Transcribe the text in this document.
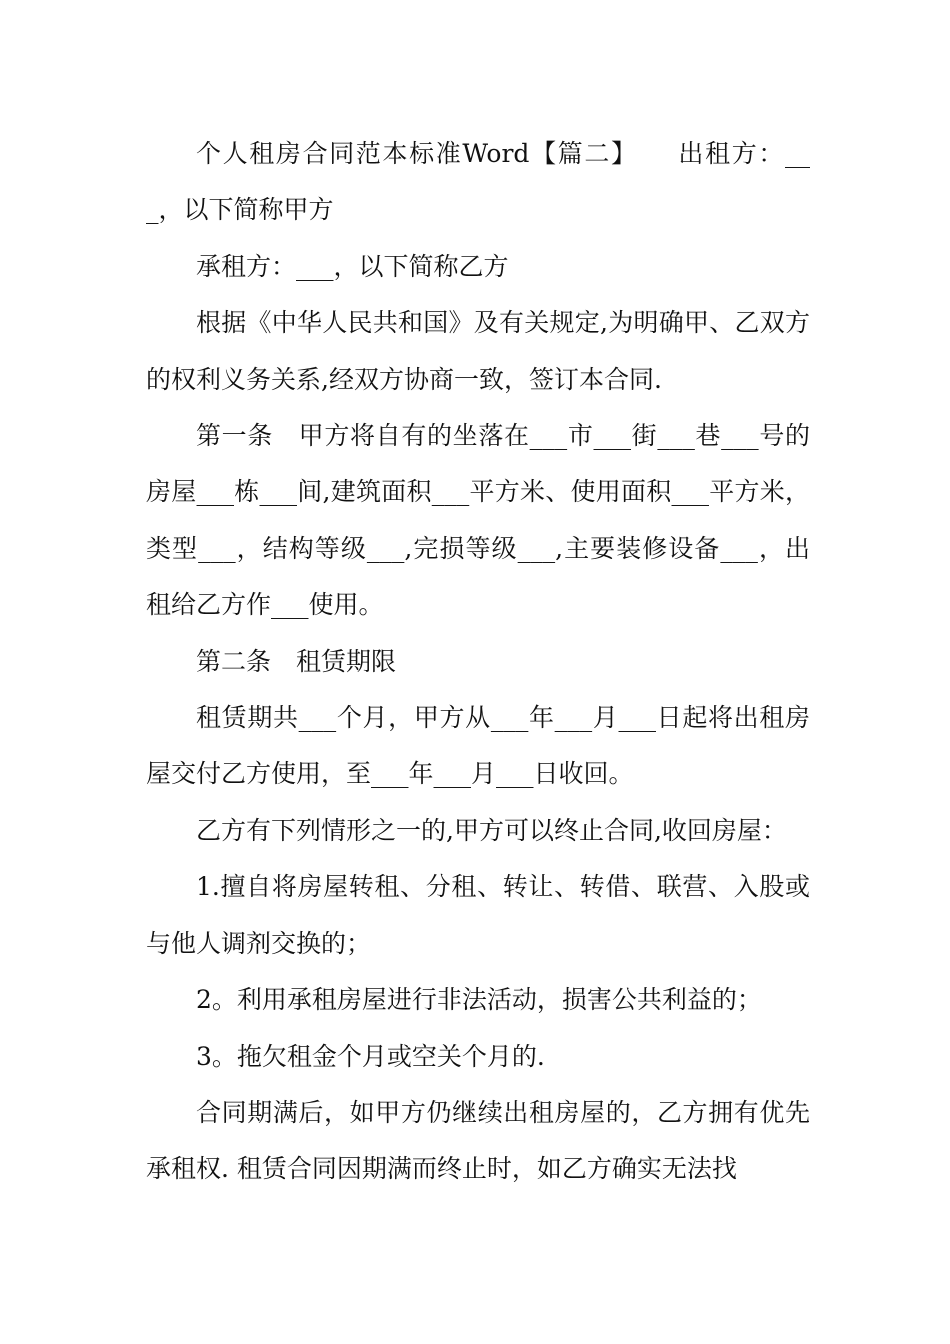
个人租房合同范本标准Word【篇二】　　出租方：___，以下简称甲方

承租方：___，以下简称乙方

根据《中华人民共和国》及有关规定,为明确甲、乙双方的权利义务关系,经双方协商一致，签订本合同.

第一条　甲方将自有的坐落在___市___街___巷___号的房屋___栋___间,建筑面积___平方米、使用面积___平方米，类型___，结构等级___,完损等级___,主要装修设备___，出租给乙方作___使用。

第二条　租赁期限

租赁期共___个月，甲方从___年___月___日起将出租房屋交付乙方使用，至___年___月___日收回。

乙方有下列情形之一的,甲方可以终止合同,收回房屋：

1.擅自将房屋转租、分租、转让、转借、联营、入股或与他人调剂交换的；

2。利用承租房屋进行非法活动，损害公共利益的；

3。拖欠租金个月或空关个月的.

合同期满后，如甲方仍继续出租房屋的，乙方拥有优先承租权. 租赁合同因期满而终止时，如乙方确实无法找
